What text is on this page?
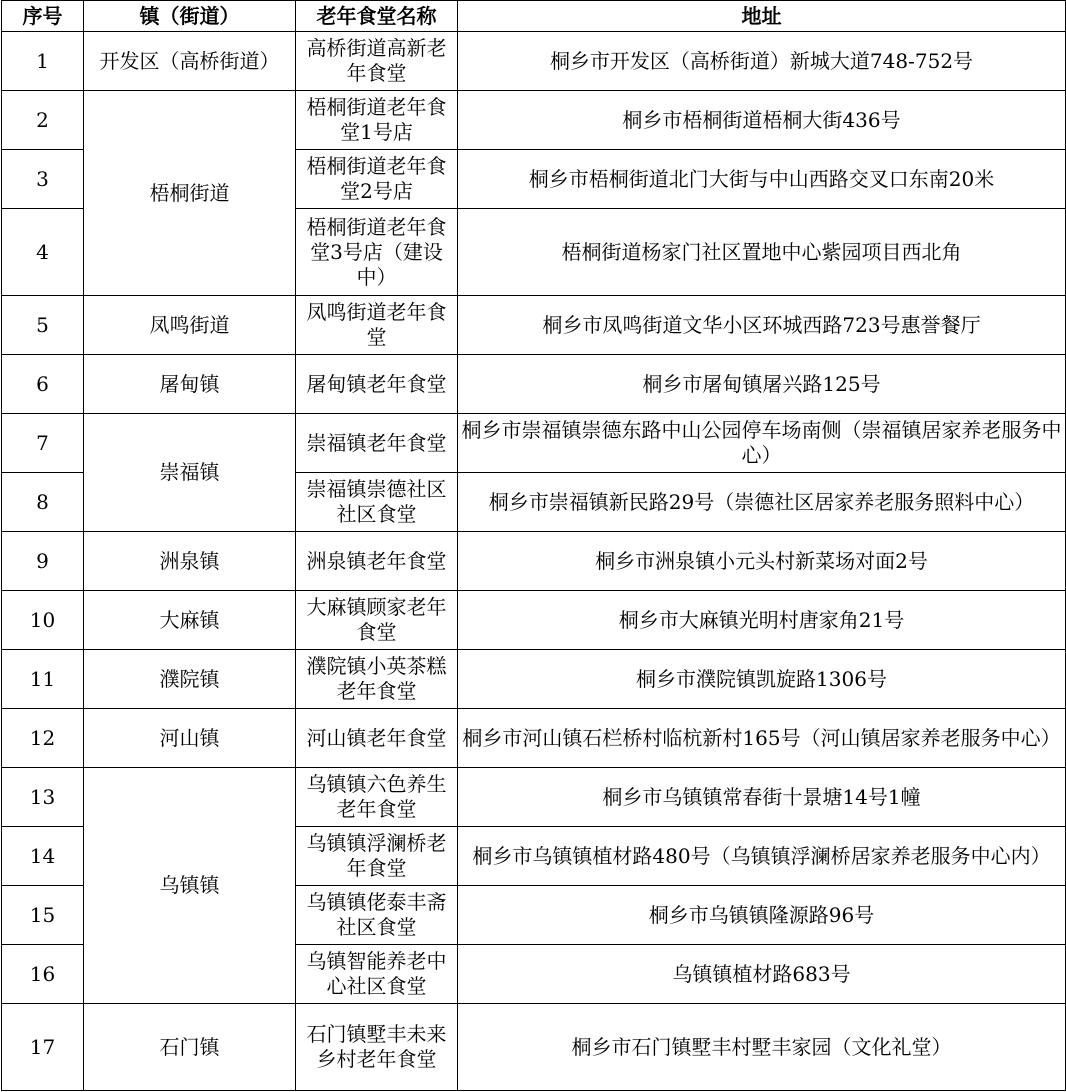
序号	镇（街道）	老年食堂名称	地址
1	开发区（高桥街道）	高桥街道高新老年食堂	桐乡市开发区（高桥街道）新城大道748-752号
2	梧桐街道	梧桐街道老年食堂1号店	桐乡市梧桐街道梧桐大街436号
3		梧桐街道老年食堂2号店	桐乡市梧桐街道北门大街与中山西路交叉口东南20米
4		梧桐街道老年食堂3号店（建设中）	梧桐街道杨家门社区置地中心紫园项目西北角
5	凤鸣街道	凤鸣街道老年食堂	桐乡市凤鸣街道文华小区环城西路723号惠誉餐厅
6	屠甸镇	屠甸镇老年食堂	桐乡市屠甸镇屠兴路125号
7	崇福镇	崇福镇老年食堂	桐乡市崇福镇崇德东路中山公园停车场南侧（崇福镇居家养老服务中心）
8		崇福镇崇德社区社区食堂	桐乡市崇福镇新民路29号（崇德社区居家养老服务照料中心）
9	洲泉镇	洲泉镇老年食堂	桐乡市洲泉镇小元头村新菜场对面2号
10	大麻镇	大麻镇顾家老年食堂	桐乡市大麻镇光明村唐家角21号
11	濮院镇	濮院镇小英茶糕老年食堂	桐乡市濮院镇凯旋路1306号
12	河山镇	河山镇老年食堂	桐乡市河山镇石栏桥村临杭新村165号（河山镇居家养老服务中心）
13	乌镇镇	乌镇镇六色养生老年食堂	桐乡市乌镇镇常春街十景塘14号1幢
14		乌镇镇浮澜桥老年食堂	桐乡市乌镇镇植材路480号（乌镇镇浮澜桥居家养老服务中心内）
15		乌镇镇佬泰丰斋社区食堂	桐乡市乌镇镇隆源路96号
16		乌镇智能养老中心社区食堂	乌镇镇植材路683号
17	石门镇	石门镇墅丰未来乡村老年食堂	桐乡市石门镇墅丰村墅丰家园（文化礼堂）
